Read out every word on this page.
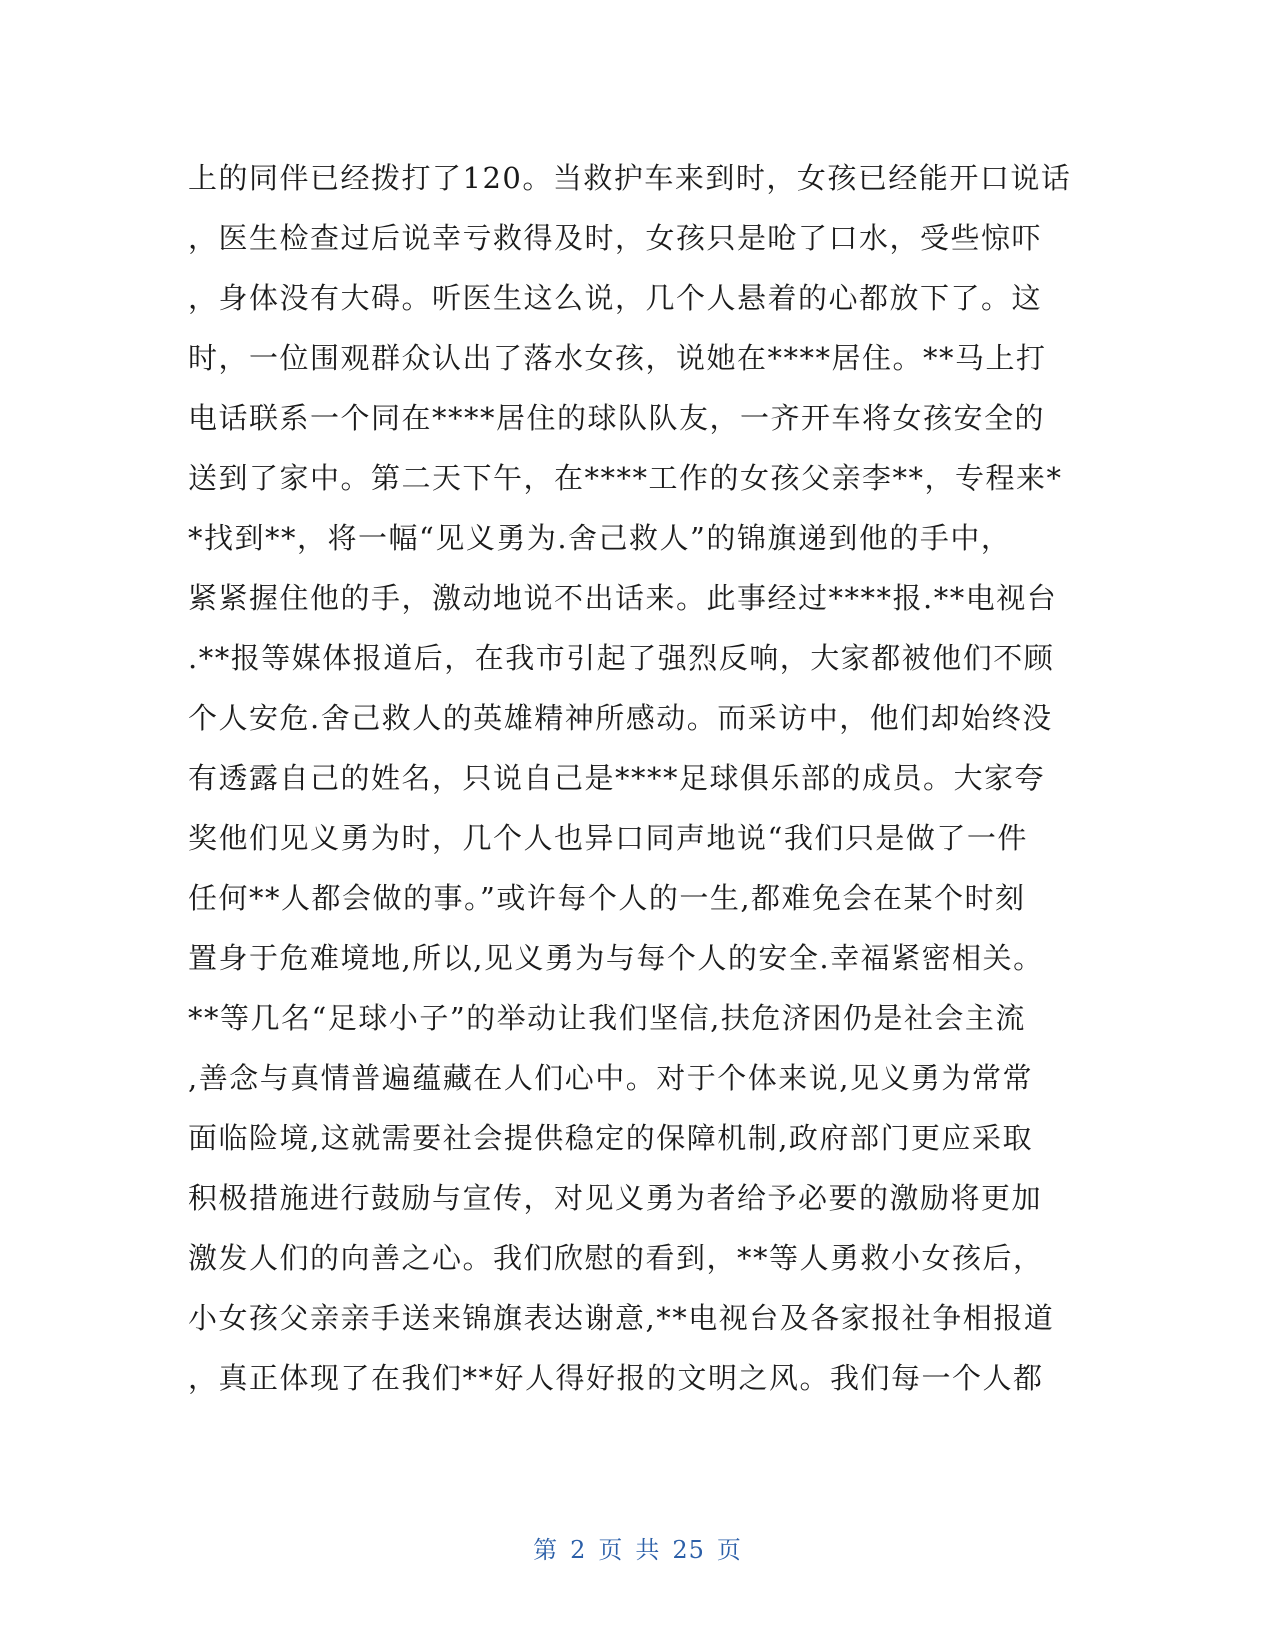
上的同伴已经拨打了120。当救护车来到时，女孩已经能开口说话
，医生检查过后说幸亏救得及时，女孩只是呛了口水，受些惊吓
，身体没有大碍。听医生这么说，几个人悬着的心都放下了。这
时，一位围观群众认出了落水女孩，说她在****居住。**马上打
电话联系一个同在****居住的球队队友，一齐开车将女孩安全的
送到了家中。第二天下午，在****工作的女孩父亲李**，专程来*
*找到**，将一幅“见义勇为.舍己救人”的锦旗递到他的手中，
紧紧握住他的手，激动地说不出话来。此事经过****报.**电视台
.**报等媒体报道后，在我市引起了强烈反响，大家都被他们不顾
个人安危.舍己救人的英雄精神所感动。而采访中，他们却始终没
有透露自己的姓名，只说自己是****足球俱乐部的成员。大家夸
奖他们见义勇为时，几个人也异口同声地说“我们只是做了一件
任何**人都会做的事。”或许每个人的一生,都难免会在某个时刻
置身于危难境地,所以,见义勇为与每个人的安全.幸福紧密相关。
**等几名“足球小子”的举动让我们坚信,扶危济困仍是社会主流
,善念与真情普遍蕴藏在人们心中。对于个体来说,见义勇为常常
面临险境,这就需要社会提供稳定的保障机制,政府部门更应采取
积极措施进行鼓励与宣传，对见义勇为者给予必要的激励将更加
激发人们的向善之心。我们欣慰的看到，**等人勇救小女孩后，
小女孩父亲亲手送来锦旗表达谢意,**电视台及各家报社争相报道
，真正体现了在我们**好人得好报的文明之风。我们每一个人都
第 2 页 共 25 页
